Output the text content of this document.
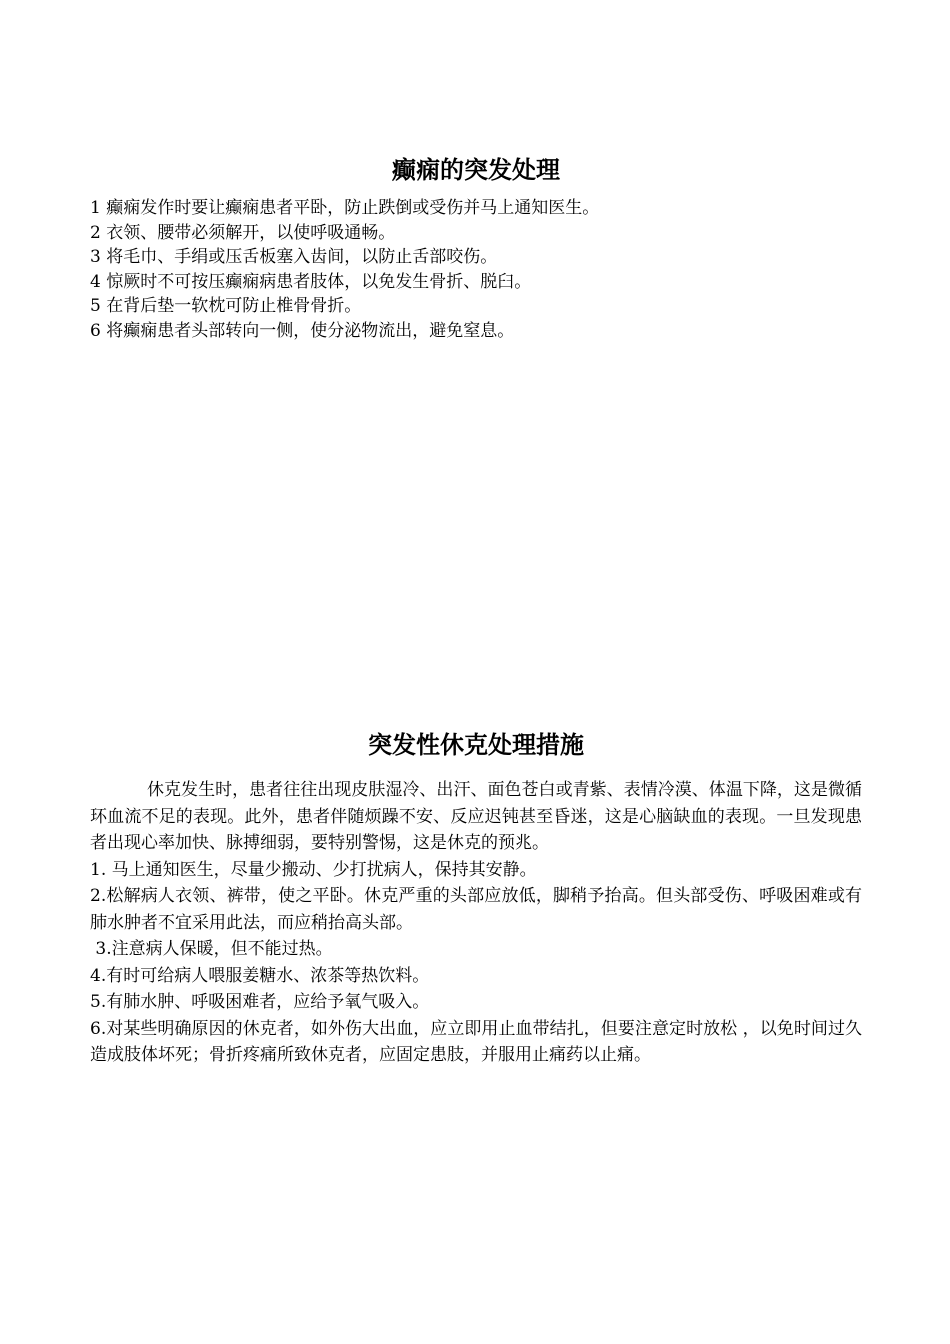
癫痫的突发处理
1 癫痫发作时要让癫痫患者平卧，防止跌倒或受伤并马上通知医生。
2 衣领、腰带必须解开，以使呼吸通畅。
3 将毛巾、手绢或压舌板塞入齿间，以防止舌部咬伤。
4 惊厥时不可按压癫痫病患者肢体，以免发生骨折、脱臼。
5 在背后垫一软枕可防止椎骨骨折。
6 将癫痫患者头部转向一侧，使分泌物流出，避免窒息。
突发性休克处理措施

休克发生时，患者往往出现皮肤湿冷、出汗、面色苍白或青紫、表情冷漠、体温下降，这是微循环血流不足的表现。此外，患者伴随烦躁不安、反应迟钝甚至昏迷，这是心脑缺血的表现。一旦发现患者出现心率加快、脉搏细弱，要特别警惕，这是休克的预兆。

1. 马上通知医生，尽量少搬动、少打扰病人，保持其安静。

2.松解病人衣领、裤带，使之平卧。休克严重的头部应放低，脚稍予抬高。但头部受伤、呼吸困难或有肺水肿者不宜采用此法，而应稍抬高头部。

3.注意病人保暖，但不能过热。

4.有时可给病人喂服姜糖水、浓茶等热饮料。

5.有肺水肿、呼吸困难者，应给予氧气吸入。

6.对某些明确原因的休克者，如外伤大出血，应立即用止血带结扎，但要注意定时放松 ，以免时间过久造成肢体坏死；骨折疼痛所致休克者，应固定患肢，并服用止痛药以止痛。
